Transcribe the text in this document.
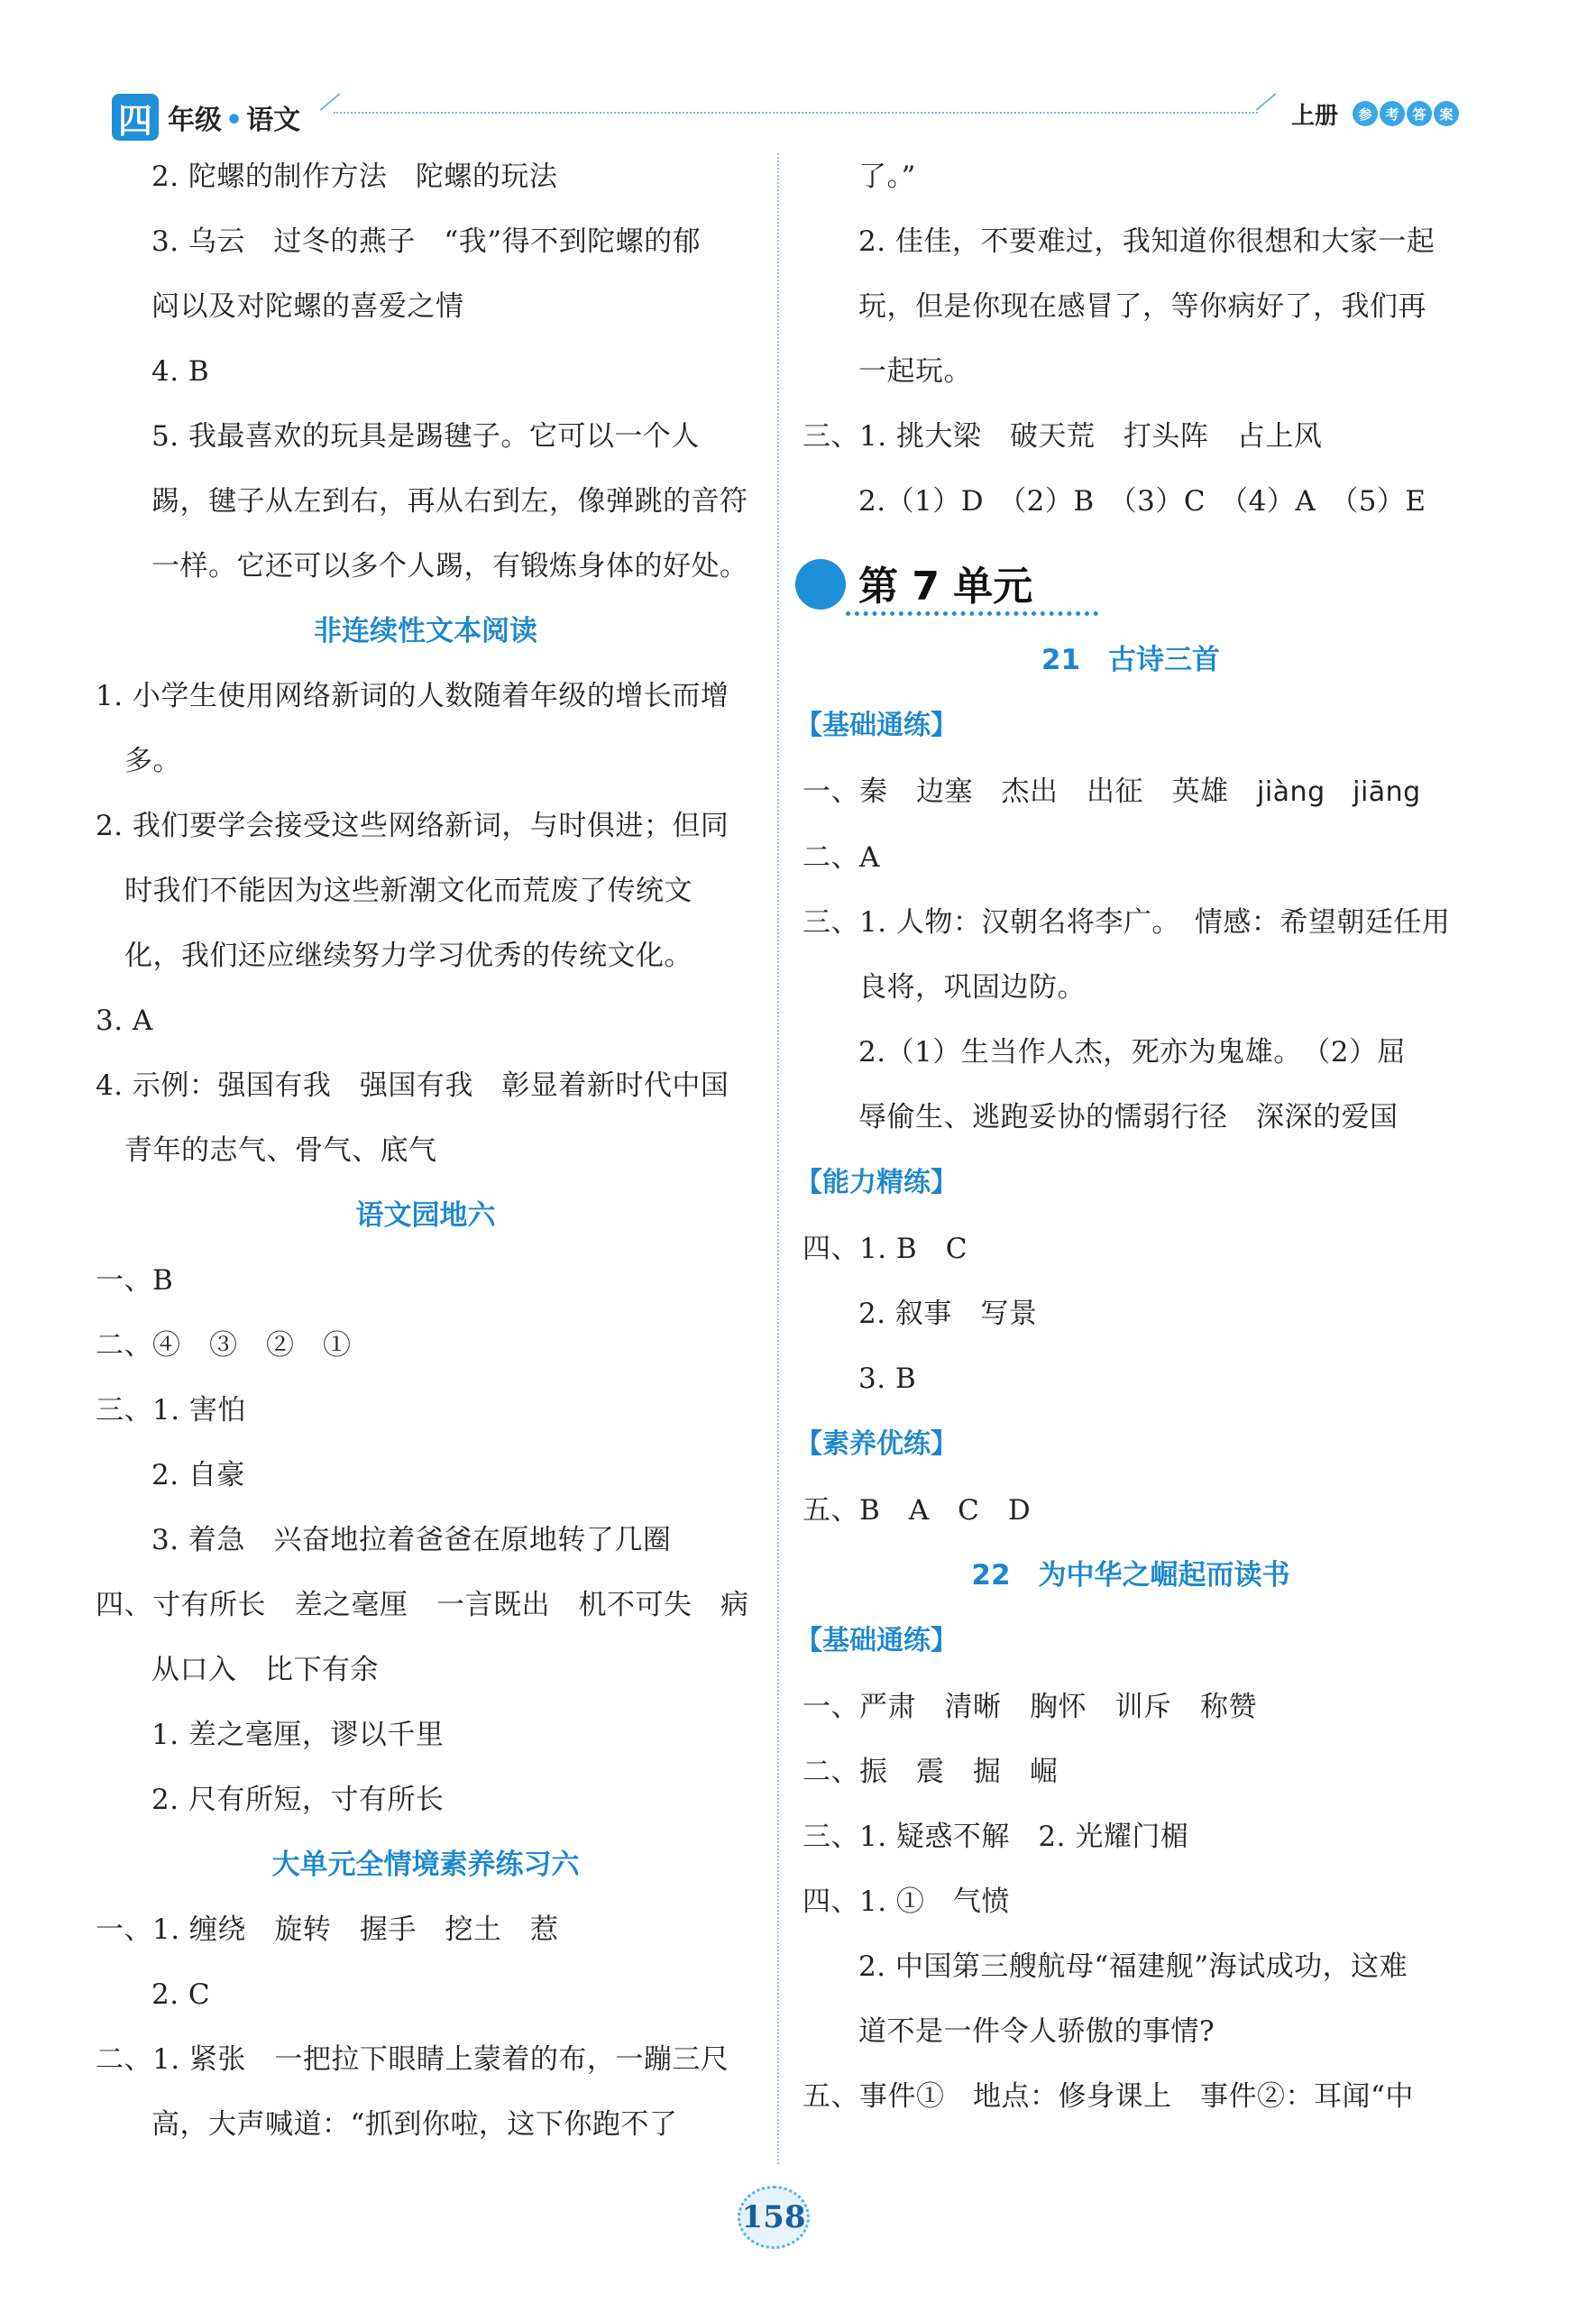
四 年级 • 语文	上册	参 考 答 案

2. 陀螺的制作方法　陀螺的玩法

3. 乌云　过冬的燕子　“我”得不到陀螺的郁

闷以及对陀螺的喜爱之情

4. B

5. 我最喜欢的玩具是踢毽子。它可以一个人

踢，毽子从左到右，再从右到左，像弹跳的音符

一样。它还可以多个人踢，有锻炼身体的好处。

非连续性文本阅读

1. 小学生使用网络新词的人数随着年级的增长而增

多。

2. 我们要学会接受这些网络新词，与时俱进；但同

时我们不能因为这些新潮文化而荒废了传统文

化，我们还应继续努力学习优秀的传统文化。

3. A

4. 示例：强国有我　强国有我　彰显着新时代中国

青年的志气、骨气、底气

语文园地六

一、B

二、④　③　②　①

三、1. 害怕

2. 自豪

3. 着急　兴奋地拉着爸爸在原地转了几圈

四、寸有所长　差之毫厘　一言既出　机不可失　病

从口入　比下有余

1. 差之毫厘，谬以千里

2. 尺有所短，寸有所长

大单元全情境素养练习六

一、1. 缠绕　旋转　握手　挖土　惹

2. C

二、1. 紧张　一把拉下眼睛上蒙着的布，一蹦三尺

高，大声喊道：“抓到你啦，这下你跑不了

了。”

2. 佳佳，不要难过，我知道你很想和大家一起

玩，但是你现在感冒了，等你病好了，我们再

一起玩。

三、1. 挑大梁　破天荒　打头阵　占上风

2.（1）D　（2）B　（3）C　（4）A　（5）E

第 7 单元

21　古诗三首

【基础通练】

一、秦　边塞　杰出　出征　英雄　jiàng　jiāng

二、A

三、1. 人物：汉朝名将李广。　情感：希望朝廷任用

良将，巩固边防。

2.（1）生当作人杰，死亦为鬼雄。　（2）屈

辱偷生、逃跑妥协的懦弱行径　深深的爱国

【能力精练】

四、1. B　C

2. 叙事　写景

3. B

【素养优练】

五、B　A　C　D

22　为中华之崛起而读书

【基础通练】

一、严肃　清晰　胸怀　训斥　称赞

二、振　震　掘　崛

三、1. 疑惑不解　2. 光耀门楣

四、1. ①　气愤

2. 中国第三艘航母“福建舰”海试成功，这难

道不是一件令人骄傲的事情?

五、事件①　地点：修身课上　事件②：耳闻“中

158
